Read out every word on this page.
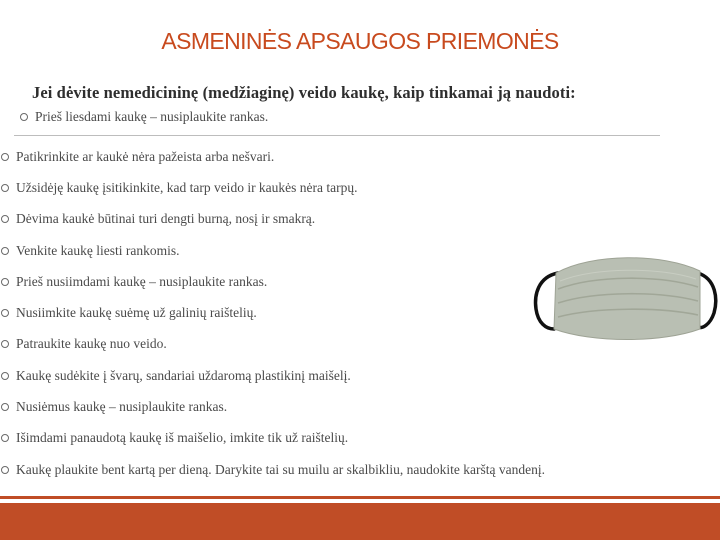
ASMENINĖS APSAUGOS PRIEMONĖS
Jei dėvite nemedicininę (medžiaginę) veido kaukę, kaip tinkamai ją naudoti:
Prieš liesdami kaukę – nusiplaukite rankas.
Patikrinkite ar kaukė nėra pažeista arba nešvari.
Užsidėję kaukę įsitikinkite, kad tarp veido ir kaukės nėra tarpų.
Dėvima kaukė būtinai turi dengti burną, nosį ir smakrą.
Venkite kaukę liesti rankomis.
Prieš nusiimdami kaukę – nusiplaukite rankas.
Nusiimkite kaukę suėmę už galinių raištelių.
Patraukite kaukę nuo veido.
Kaukę sudėkite į švarų, sandariai uždaromą plastikinį maišelį.
Nusiėmus kaukę – nusiplaukite rankas.
Išimdami panaudotą kaukę iš maišelio, imkite tik už raištelių.
Kaukę plaukite bent kartą per dieną. Darykite tai su muilu ar skalbikliu, naudokite karštą vandenį.
